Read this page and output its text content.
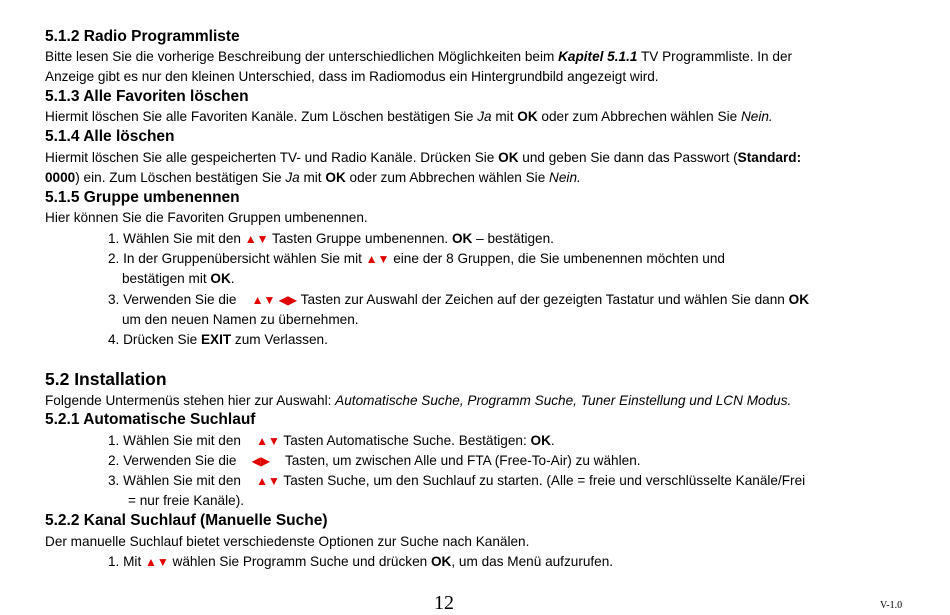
5.1.2 Radio Programmliste
Bitte lesen Sie die vorherige Beschreibung der unterschiedlichen Möglichkeiten beim Kapitel 5.1.1 TV Programmliste. In der
Anzeige gibt es nur den kleinen Unterschied, dass im Radiomodus ein Hintergrundbild angezeigt wird.
5.1.3 Alle Favoriten löschen
Hiermit löschen Sie alle Favoriten Kanäle. Zum Löschen bestätigen Sie Ja mit OK oder zum Abbrechen wählen Sie Nein.
5.1.4 Alle löschen
Hiermit löschen Sie alle gespeicherten TV- und Radio Kanäle. Drücken Sie OK und geben Sie dann das Passwort (Standard:
0000) ein. Zum Löschen bestätigen Sie Ja mit OK oder zum Abbrechen wählen Sie Nein.
5.1.5 Gruppe umbenennen
Hier können Sie die Favoriten Gruppen umbenennen.
1. Wählen Sie mit den ▲▼ Tasten Gruppe umbenennen. OK – bestätigen.
2. In der Gruppenübersicht wählen Sie mit ▲▼ eine der 8 Gruppen, die Sie umbenennen möchten und
bestätigen mit OK.
3. Verwenden Sie die    ▲▼ ◀▶ Tasten zur Auswahl der Zeichen auf der gezeigten Tastatur und wählen Sie dann OK
um den neuen Namen zu übernehmen.
4. Drücken Sie EXIT zum Verlassen.
5.2 Installation
Folgende Untermenüs stehen hier zur Auswahl: Automatische Suche, Programm Suche, Tuner Einstellung und LCN Modus.
5.2.1 Automatische Suchlauf
1. Wählen Sie mit den    ▲▼ Tasten Automatische Suche. Bestätigen: OK.
2. Verwenden Sie die    ◀▶    Tasten, um zwischen Alle und FTA (Free-To-Air) zu wählen.
3. Wählen Sie mit den    ▲▼ Tasten Suche, um den Suchlauf zu starten. (Alle = freie und verschlüsselte Kanäle/Frei
= nur freie Kanäle).
5.2.2 Kanal Suchlauf (Manuelle Suche)
Der manuelle Suchlauf bietet verschiedenste Optionen zur Suche nach Kanälen.
1. Mit ▲▼ wählen Sie Programm Suche und drücken OK, um das Menü aufzurufen.
12	V-1.0
